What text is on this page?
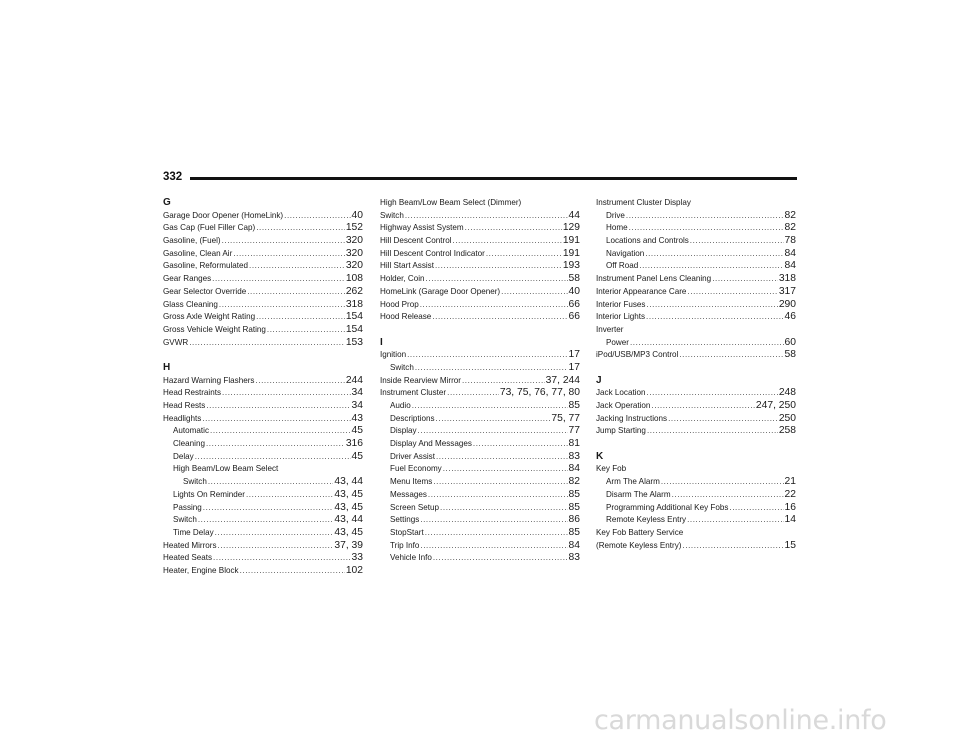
332
G
Garage Door Opener (HomeLink) .....	40
Gas Cap (Fuel Filler Cap) .....	152
Gasoline, (Fuel) .....	320
Gasoline, Clean Air .....	320
Gasoline, Reformulated .....	320
Gear Ranges .....	108
Gear Selector Override .....	262
Glass Cleaning .....	318
Gross Axle Weight Rating .....	154
Gross Vehicle Weight Rating .....	154
GVWR .....	153
H
Hazard Warning Flashers .....	244
Head Restraints .....	34
Head Rests .....	34
Headlights .....	43
Automatic .....	45
Cleaning .....	316
Delay .....	45
High Beam/Low Beam Select
Switch .....	43, 44
Lights On Reminder .....	43, 45
Passing .....	43, 45
Switch .....	43, 44
Time Delay .....	43, 45
Heated Mirrors .....	37, 39
Heated Seats .....	33
Heater, Engine Block .....	102
High Beam/Low Beam Select (Dimmer)
Switch .....	44
Highway Assist System .....	129
Hill Descent Control .....	191
Hill Descent Control Indicator .....	191
Hill Start Assist .....	193
Holder, Coin .....	58
HomeLink (Garage Door Opener) .....	40
Hood Prop .....	66
Hood Release .....	66
I
Ignition .....	17
Switch .....	17
Inside Rearview Mirror .....	37, 244
Instrument Cluster .....	73, 75, 76, 77, 80
Audio .....	85
Descriptions .....	75, 77
Display .....	77
Display And Messages .....	81
Driver Assist .....	83
Fuel Economy .....	84
Menu Items .....	82
Messages .....	85
Screen Setup .....	85
Settings .....	86
StopStart .....	85
Trip Info .....	84
Vehicle Info .....	83
Instrument Cluster Display
Drive .....	82
Home .....	82
Locations and Controls .....	78
Navigation .....	84
Off Road .....	84
Instrument Panel Lens Cleaning .....	318
Interior Appearance Care .....	317
Interior Fuses .....	290
Interior Lights .....	46
Inverter
Power .....	60
iPod/USB/MP3 Control .....	58
J
Jack Location .....	248
Jack Operation .....	247, 250
Jacking Instructions .....	250
Jump Starting .....	258
K
Key Fob
Arm The Alarm .....	21
Disarm The Alarm .....	22
Programming Additional Key Fobs .....	16
Remote Keyless Entry .....	14
Key Fob Battery Service
(Remote Keyless Entry) .....	15
carmanualsonline.info
